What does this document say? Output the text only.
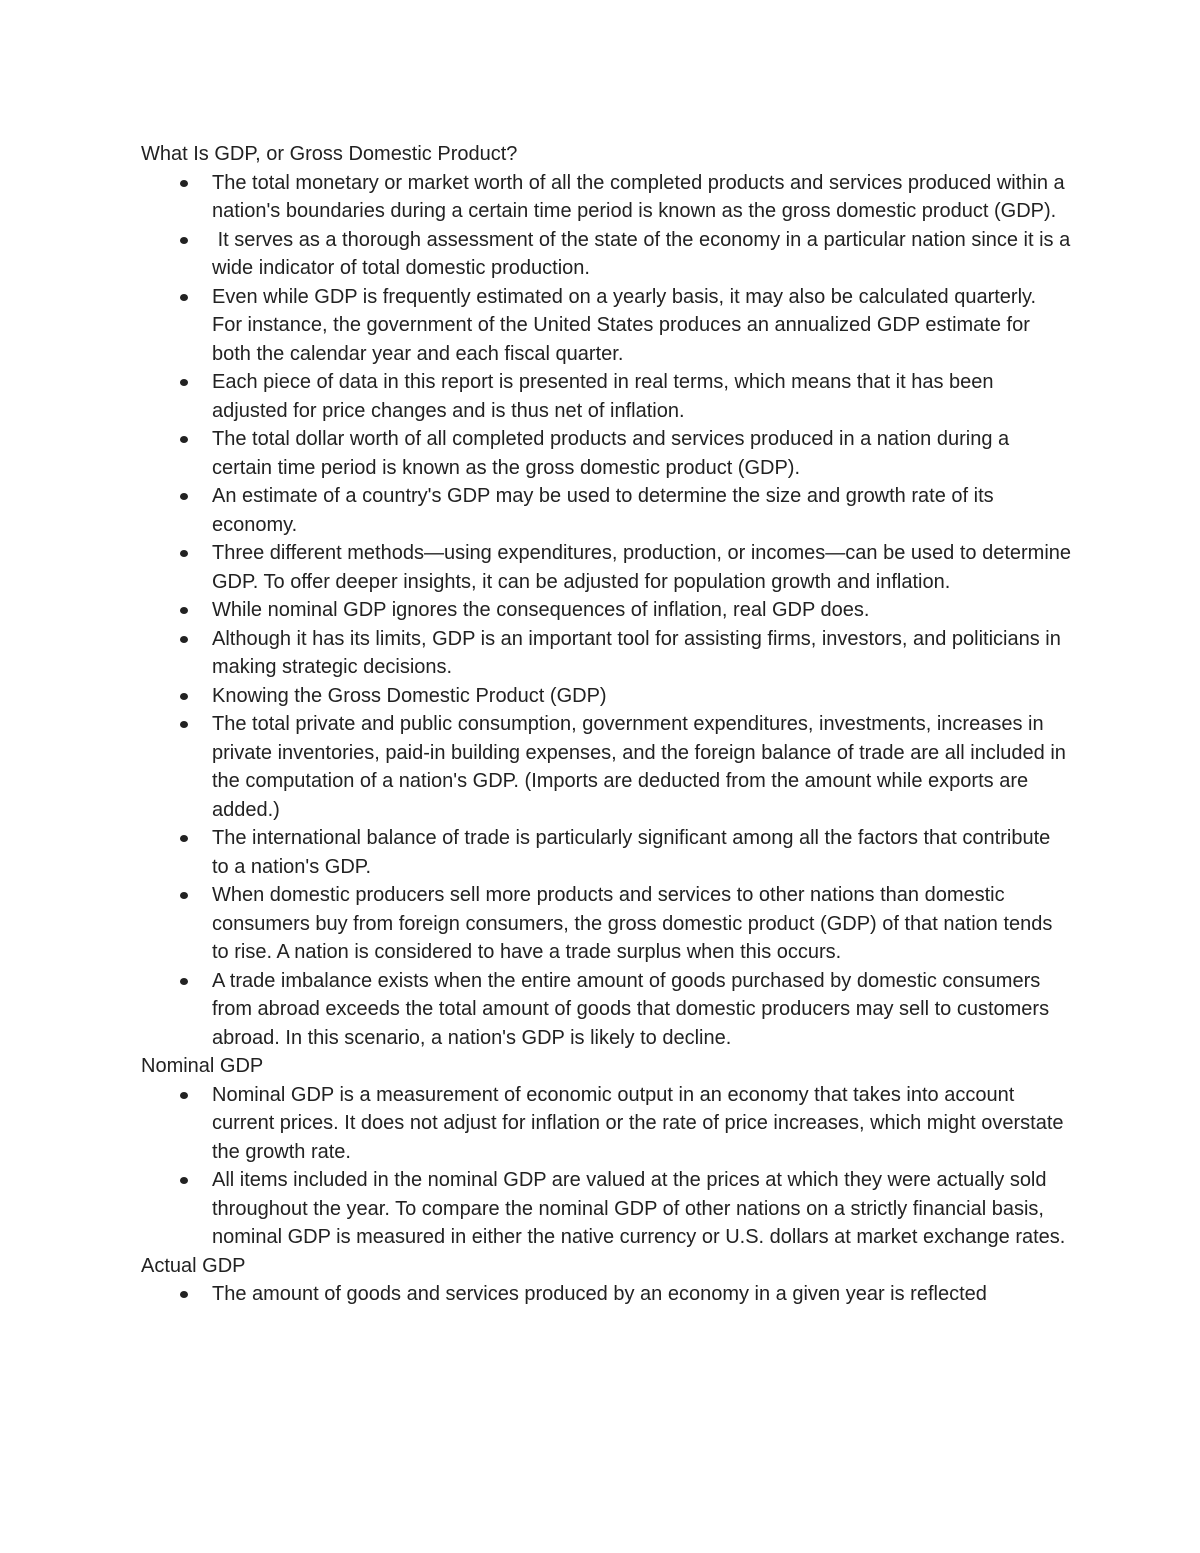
What Is GDP, or Gross Domestic Product?
The total monetary or market worth of all the completed products and services produced within a nation's boundaries during a certain time period is known as the gross domestic product (GDP).
It serves as a thorough assessment of the state of the economy in a particular nation since it is a wide indicator of total domestic production.
Even while GDP is frequently estimated on a yearly basis, it may also be calculated quarterly. For instance, the government of the United States produces an annualized GDP estimate for both the calendar year and each fiscal quarter.
Each piece of data in this report is presented in real terms, which means that it has been adjusted for price changes and is thus net of inflation.
The total dollar worth of all completed products and services produced in a nation during a certain time period is known as the gross domestic product (GDP).
An estimate of a country's GDP may be used to determine the size and growth rate of its economy.
Three different methods—using expenditures, production, or incomes—can be used to determine GDP. To offer deeper insights, it can be adjusted for population growth and inflation.
While nominal GDP ignores the consequences of inflation, real GDP does.
Although it has its limits, GDP is an important tool for assisting firms, investors, and politicians in making strategic decisions.
Knowing the Gross Domestic Product (GDP)
The total private and public consumption, government expenditures, investments, increases in private inventories, paid-in building expenses, and the foreign balance of trade are all included in the computation of a nation's GDP. (Imports are deducted from the amount while exports are added.)
The international balance of trade is particularly significant among all the factors that contribute to a nation's GDP.
When domestic producers sell more products and services to other nations than domestic consumers buy from foreign consumers, the gross domestic product (GDP) of that nation tends to rise. A nation is considered to have a trade surplus when this occurs.
A trade imbalance exists when the entire amount of goods purchased by domestic consumers from abroad exceeds the total amount of goods that domestic producers may sell to customers abroad. In this scenario, a nation's GDP is likely to decline.
Nominal GDP
Nominal GDP is a measurement of economic output in an economy that takes into account current prices. It does not adjust for inflation or the rate of price increases, which might overstate the growth rate.
All items included in the nominal GDP are valued at the prices at which they were actually sold throughout the year. To compare the nominal GDP of other nations on a strictly financial basis, nominal GDP is measured in either the native currency or U.S. dollars at market exchange rates.
Actual GDP
The amount of goods and services produced by an economy in a given year is reflected
